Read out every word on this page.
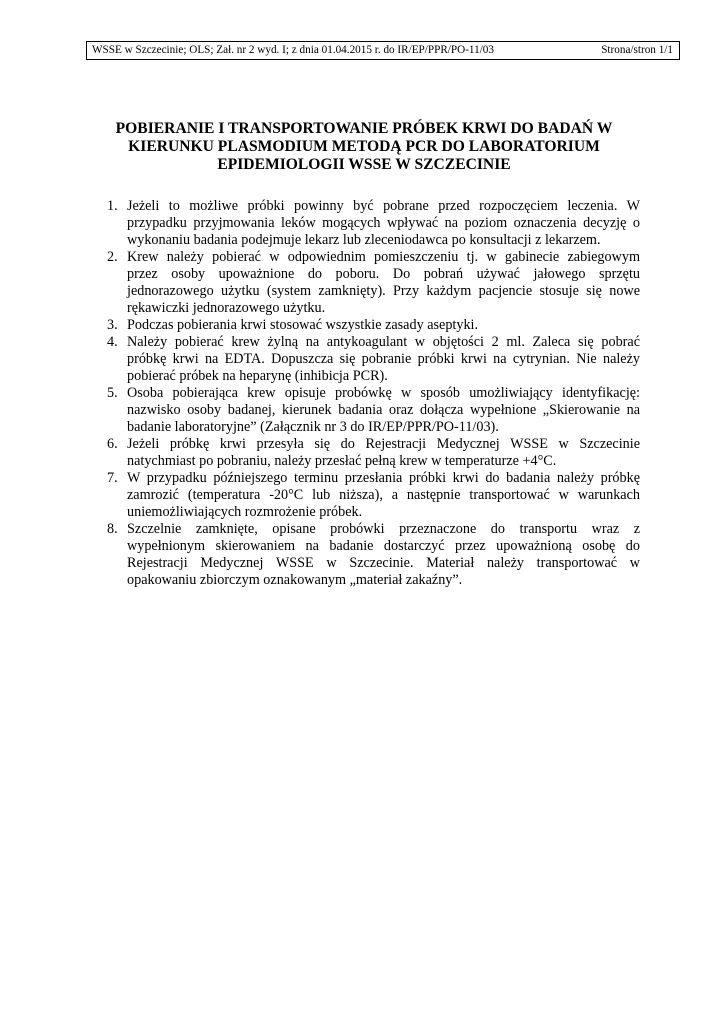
WSSE w Szczecinie; OLS; Zał. nr 2 wyd. I; z dnia 01.04.2015 r. do IR/EP/PPR/PO-11/03	Strona/stron 1/1
POBIERANIE I TRANSPORTOWANIE PRÓBEK KRWI DO BADAŃ W
KIERUNKU PLASMODIUM METODĄ PCR DO LABORATORIUM
EPIDEMIOLOGII WSSE W SZCZECINIE
1. Jeżeli to możliwe próbki powinny być pobrane przed rozpoczęciem leczenia. W
przypadku przyjmowania leków mogących wpływać na poziom oznaczenia decyzję o
wykonaniu badania podejmuje lekarz lub zleceniodawca po konsultacji z lekarzem.
2. Krew należy pobierać w odpowiednim pomieszczeniu tj. w gabinecie zabiegowym
przez osoby upoważnione do poboru. Do pobrań używać jałowego sprzętu
jednorazowego użytku (system zamknięty). Przy każdym pacjencie stosuje się nowe
rękawiczki jednorazowego użytku.
3. Podczas pobierania krwi stosować wszystkie zasady aseptyki.
4. Należy pobierać krew żylną na antykoagulant w objętości 2 ml. Zaleca się pobrać
próbkę krwi na EDTA. Dopuszcza się pobranie próbki krwi na cytrynian. Nie należy
pobierać próbek na heparynę (inhibicja PCR).
5. Osoba pobierająca krew opisuje probówkę w sposób umożliwiający identyfikację:
nazwisko osoby badanej, kierunek badania oraz dołącza wypełnione „Skierowanie na
badanie laboratoryjne” (Załącznik nr 3 do IR/EP/PPR/PO-11/03).
6. Jeżeli próbkę krwi przesyła się do Rejestracji Medycznej WSSE w Szczecinie
natychmiast po pobraniu, należy przesłać pełną krew w temperaturze +4°C.
7. W przypadku późniejszego terminu przesłania próbki krwi do badania należy próbkę
zamrozić (temperatura -20°C lub niższa), a następnie transportować w warunkach
uniemożliwiających rozmrożenie próbek.
8. Szczelnie zamknięte, opisane probówki przeznaczone do transportu wraz z
wypełnionym skierowaniem na badanie dostarczyć przez upoważnioną osobę do
Rejestracji Medycznej WSSE w Szczecinie. Materiał należy transportować w
opakowaniu zbiorczym oznakowanym „materiał zakaźny”.
